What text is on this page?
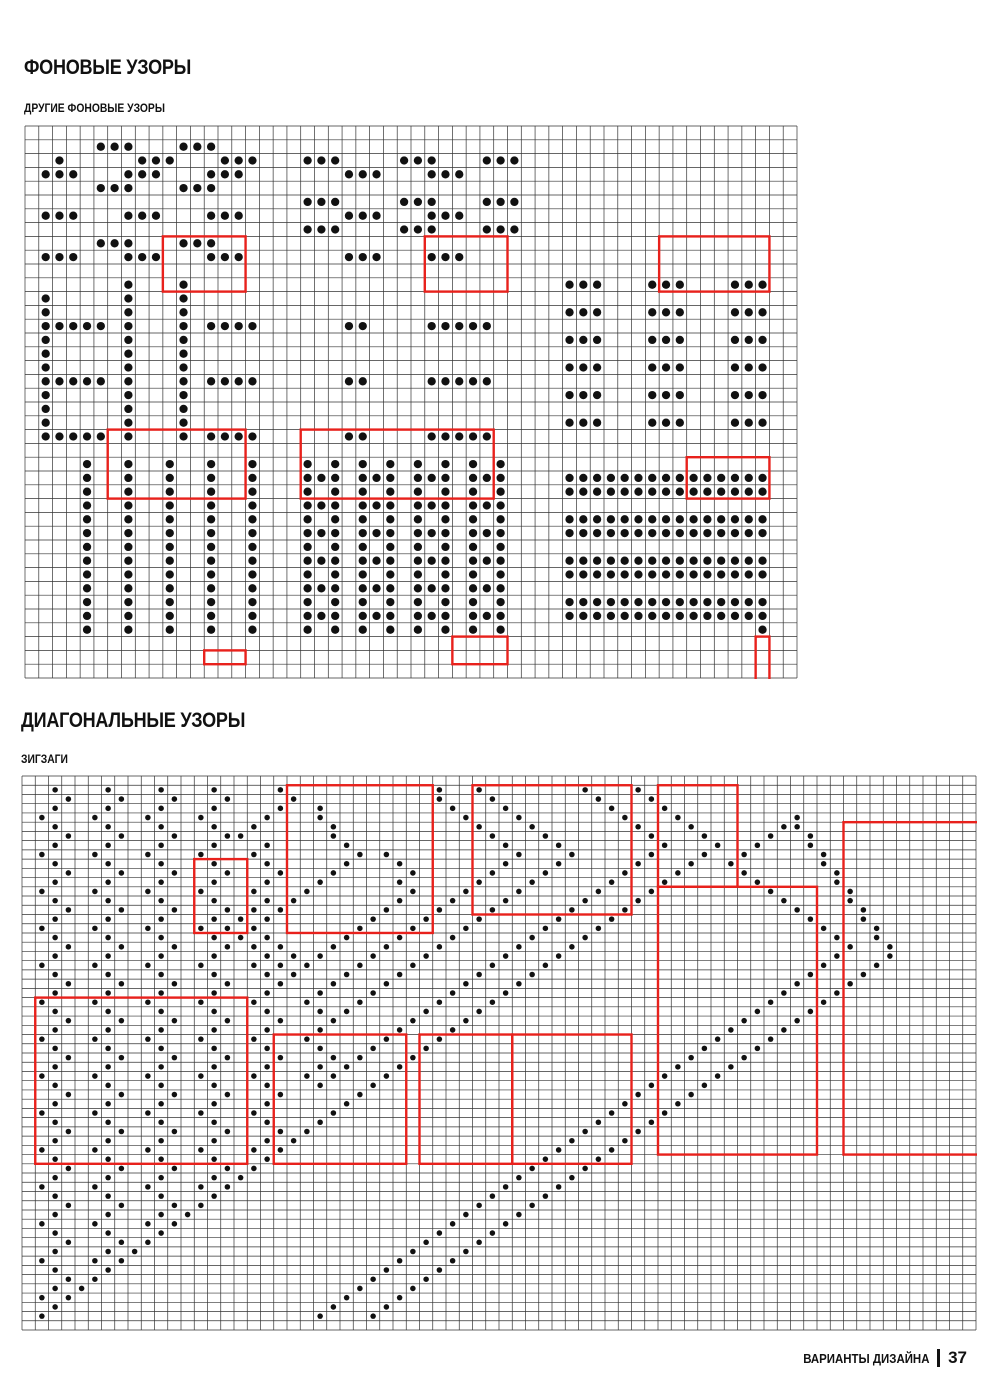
ФОНОВЫЕ УЗОРЫ
ДРУГИЕ ФОНОВЫЕ УЗОРЫ
ДИАГОНАЛЬНЫЕ УЗОРЫ
ЗИГЗАГИ
ВАРИАНТЫ ДИЗАЙНА 37
